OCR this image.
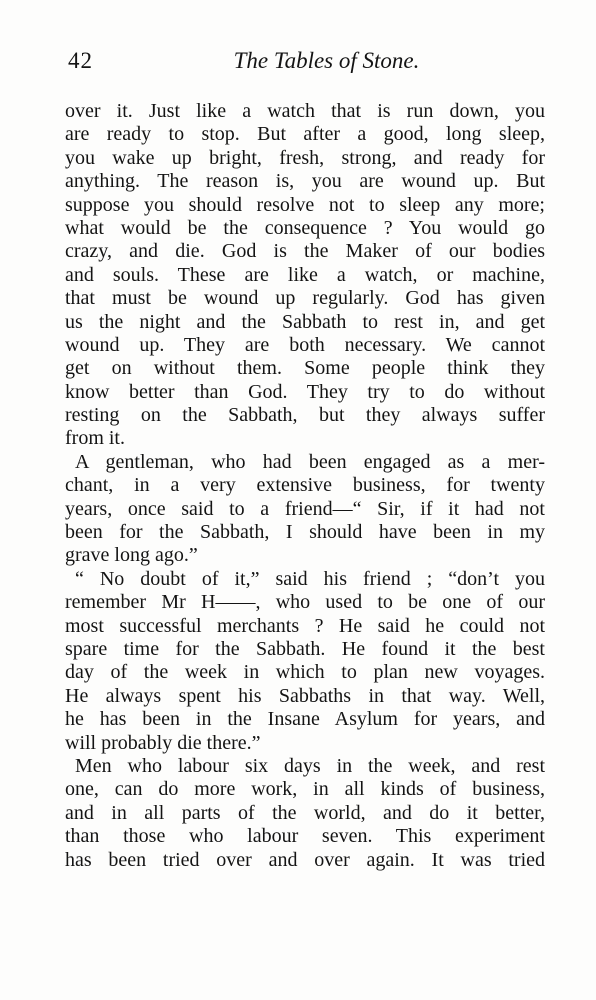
42	The Tables of Stone.
over it. Just like a watch that is run down, you
are ready to stop. But after a good, long sleep,
you wake up bright, fresh, strong, and ready for
anything. The reason is, you are wound up. But
suppose you should resolve not to sleep any more;
what would be the consequence ? You would go
crazy, and die. God is the Maker of our bodies
and souls. These are like a watch, or machine,
that must be wound up regularly. God has given
us the night and the Sabbath to rest in, and get
wound up. They are both necessary. We cannot
get on without them. Some people think they
know better than God. They try to do without
resting on the Sabbath, but they always suffer
from it.
A gentleman, who had been engaged as a mer-
chant, in a very extensive business, for twenty
years, once said to a friend—“ Sir, if it had not
been for the Sabbath, I should have been in my
grave long ago.”
“ No doubt of it,” said his friend ; “don’t you
remember Mr H——, who used to be one of our
most successful merchants ? He said he could not
spare time for the Sabbath. He found it the best
day of the week in which to plan new voyages.
He always spent his Sabbaths in that way. Well,
he has been in the Insane Asylum for years, and
will probably die there.”
Men who labour six days in the week, and rest
one, can do more work, in all kinds of business,
and in all parts of the world, and do it better,
than those who labour seven. This experiment
has been tried over and over again. It was tried
